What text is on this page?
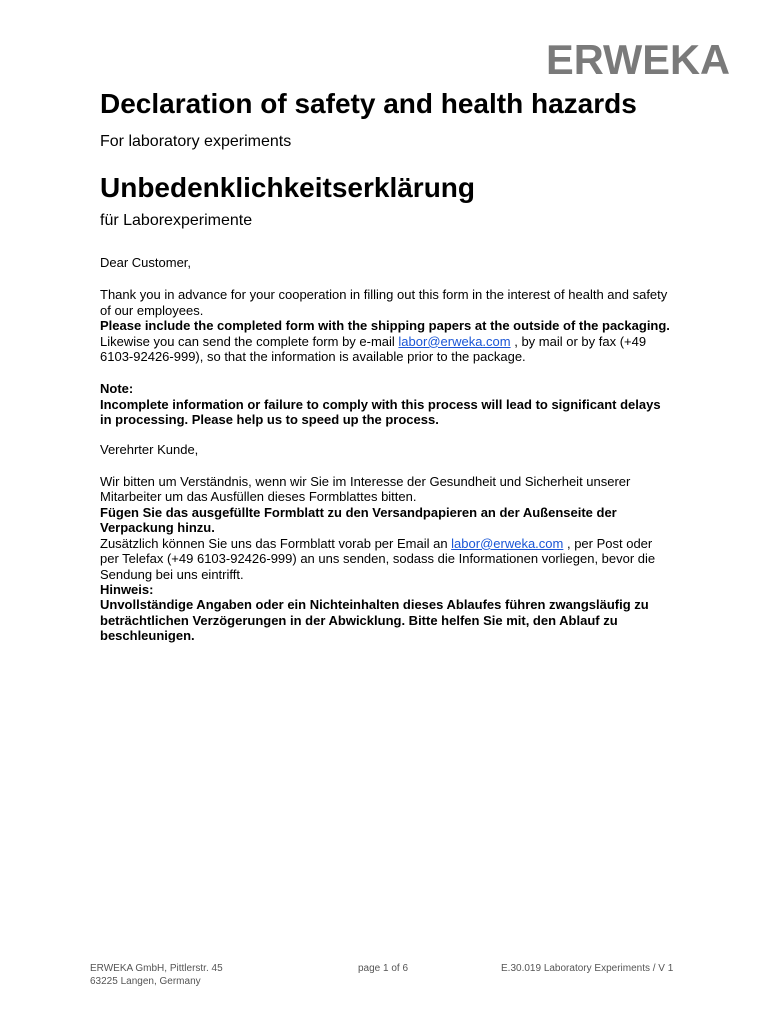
ERWEKA
Declaration of safety and health hazards
For laboratory experiments
Unbedenklichkeitserklärung
für Laborexperimente
Dear Customer,
Thank you in advance for your cooperation in filling out this form in the interest of health and safety of our employees.
Please include the completed form with the shipping papers at the outside of the packaging.
Likewise you can send the complete form by e-mail labor@erweka.com , by mail or by fax (+49 6103-92426-999), so that the information is available prior to the package.
Note:
Incomplete information or failure to comply with this process will lead to significant delays in processing. Please help us to speed up the process.
Verehrter Kunde,
Wir bitten um Verständnis, wenn wir Sie im Interesse der Gesundheit und Sicherheit unserer Mitarbeiter um das Ausfüllen dieses Formblattes bitten.
Fügen Sie das ausgefüllte Formblatt zu den Versandpapieren an der Außenseite der Verpackung hinzu.
Zusätzlich können Sie uns das Formblatt vorab per Email an labor@erweka.com , per Post oder per Telefax (+49 6103-92426-999) an uns senden, sodass die Informationen vorliegen, bevor die Sendung bei uns eintrifft.
Hinweis:
Unvollständige Angaben oder ein Nichteinhalten dieses Ablaufes führen zwangsläufig zu beträchtlichen Verzögerungen in der Abwicklung. Bitte helfen Sie mit, den Ablauf zu beschleunigen.
ERWEKA GmbH, Pittlerstr. 45
63225 Langen, Germany
page 1 of 6	E.30.019 Laboratory Experiments / V 1
